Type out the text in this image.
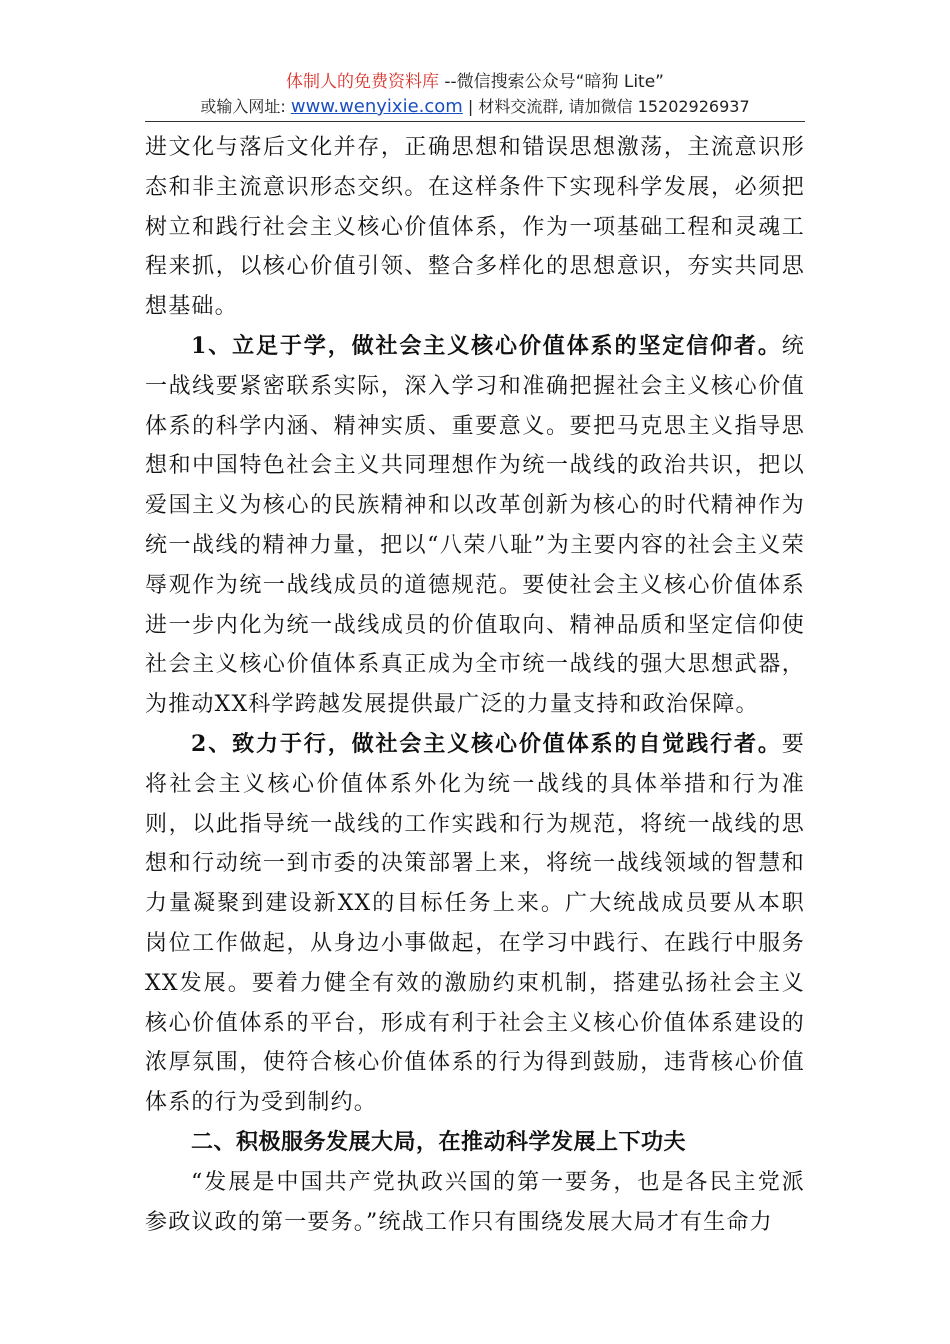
体制人的免费资料库 --微信搜索公众号“暗狗 Lite”
或输入网址: www.wenyixie.com | 材料交流群, 请加微信 15202926937

进文化与落后文化并存，正确思想和错误思想激荡，主流意识形态和非主流意识形态交织。在这样条件下实现科学发展，必须把树立和践行社会主义核心价值体系，作为一项基础工程和灵魂工程来抓，以核心价值引领、整合多样化的思想意识，夯实共同思想基础。

1、立足于学，做社会主义核心价值体系的坚定信仰者。统一战线要紧密联系实际，深入学习和准确把握社会主义核心价值体系的科学内涵、精神实质、重要意义。要把马克思主义指导思想和中国特色社会主义共同理想作为统一战线的政治共识，把以爱国主义为核心的民族精神和以改革创新为核心的时代精神作为统一战线的精神力量，把以“八荣八耻”为主要内容的社会主义荣辱观作为统一战线成员的道德规范。要使社会主义核心价值体系进一步内化为统一战线成员的价值取向、精神品质和坚定信仰使社会主义核心价值体系真正成为全市统一战线的强大思想武器，为推动XX科学跨越发展提供最广泛的力量支持和政治保障。

2、致力于行，做社会主义核心价值体系的自觉践行者。要将社会主义核心价值体系外化为统一战线的具体举措和行为准则，以此指导统一战线的工作实践和行为规范，将统一战线的思想和行动统一到市委的决策部署上来，将统一战线领域的智慧和力量凝聚到建设新XX的目标任务上来。广大统战成员要从本职岗位工作做起，从身边小事做起，在学习中践行、在践行中服务XX发展。要着力健全有效的激励约束机制，搭建弘扬社会主义核心价值体系的平台，形成有利于社会主义核心价值体系建设的浓厚氛围，使符合核心价值体系的行为得到鼓励，违背核心价值体系的行为受到制约。

二、积极服务发展大局，在推动科学发展上下功夫

“发展是中国共产党执政兴国的第一要务，也是各民主党派参政议政的第一要务。”统战工作只有围绕发展大局才有生命力
